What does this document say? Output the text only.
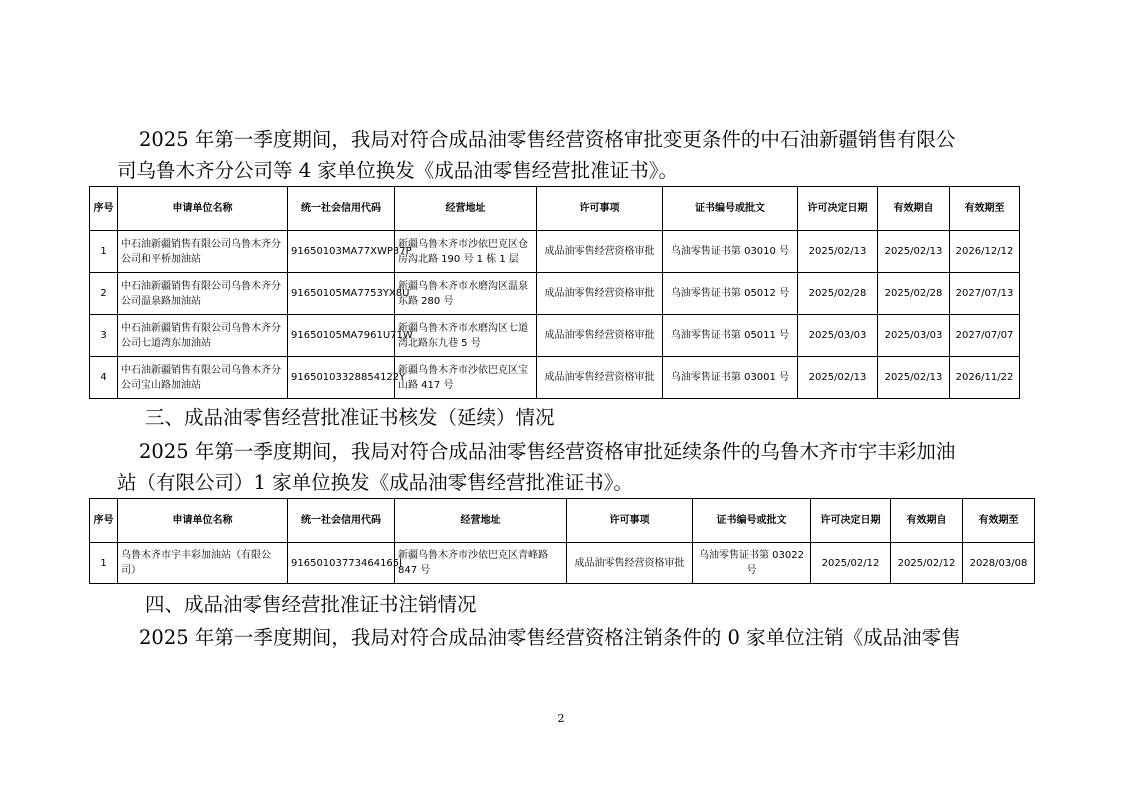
2025 年第一季度期间，我局对符合成品油零售经营资格审批变更条件的中石油新疆销售有限公
司乌鲁木齐分公司等 4 家单位换发《成品油零售经营批准证书》。

序号	申请单位名称	统一社会信用代码	经营地址	许可事项	证书编号或批文	许可决定日期	有效期自	有效期至
1	中石油新疆销售有限公司乌鲁木齐分公司和平桥加油站	91650103MA77XWP37P	新疆乌鲁木齐市沙依巴克区仓房沟北路 190 号 1 栋 1 层	成品油零售经营资格审批	乌油零售证书第 03010 号	2025/02/13	2025/02/13	2026/12/12
2	中石油新疆销售有限公司乌鲁木齐分公司温泉路加油站	91650105MA7753YX8U	新疆乌鲁木齐市水磨沟区温泉东路 280 号	成品油零售经营资格审批	乌油零售证书第 05012 号	2025/02/28	2025/02/28	2027/07/13
3	中石油新疆销售有限公司乌鲁木齐分公司七道湾东加油站	91650105MA7961U71W	新疆乌鲁木齐市水磨沟区七道湾北路东九巷 5 号	成品油零售经营资格审批	乌油零售证书第 05011 号	2025/03/03	2025/03/03	2027/07/07
4	中石油新疆销售有限公司乌鲁木齐分公司宝山路加油站	91650103328854122Y	新疆乌鲁木齐市沙依巴克区宝山路 417 号	成品油零售经营资格审批	乌油零售证书第 03001 号	2025/02/13	2025/02/13	2026/11/22

三、成品油零售经营批准证书核发（延续）情况

2025 年第一季度期间，我局对符合成品油零售经营资格审批延续条件的乌鲁木齐市宇丰彩加油
站（有限公司）1 家单位换发《成品油零售经营批准证书》。

序号	申请单位名称	统一社会信用代码	经营地址	许可事项	证书编号或批文	许可决定日期	有效期自	有效期至
1	乌鲁木齐市宇丰彩加油站（有限公司）	91650103773464165J	新疆乌鲁木齐市沙依巴克区青峰路 847 号	成品油零售经营资格审批	乌油零售证书第 03022 号	2025/02/12	2025/02/12	2028/03/08

四、成品油零售经营批准证书注销情况

2025 年第一季度期间，我局对符合成品油零售经营资格注销条件的 0 家单位注销《成品油零售

2
